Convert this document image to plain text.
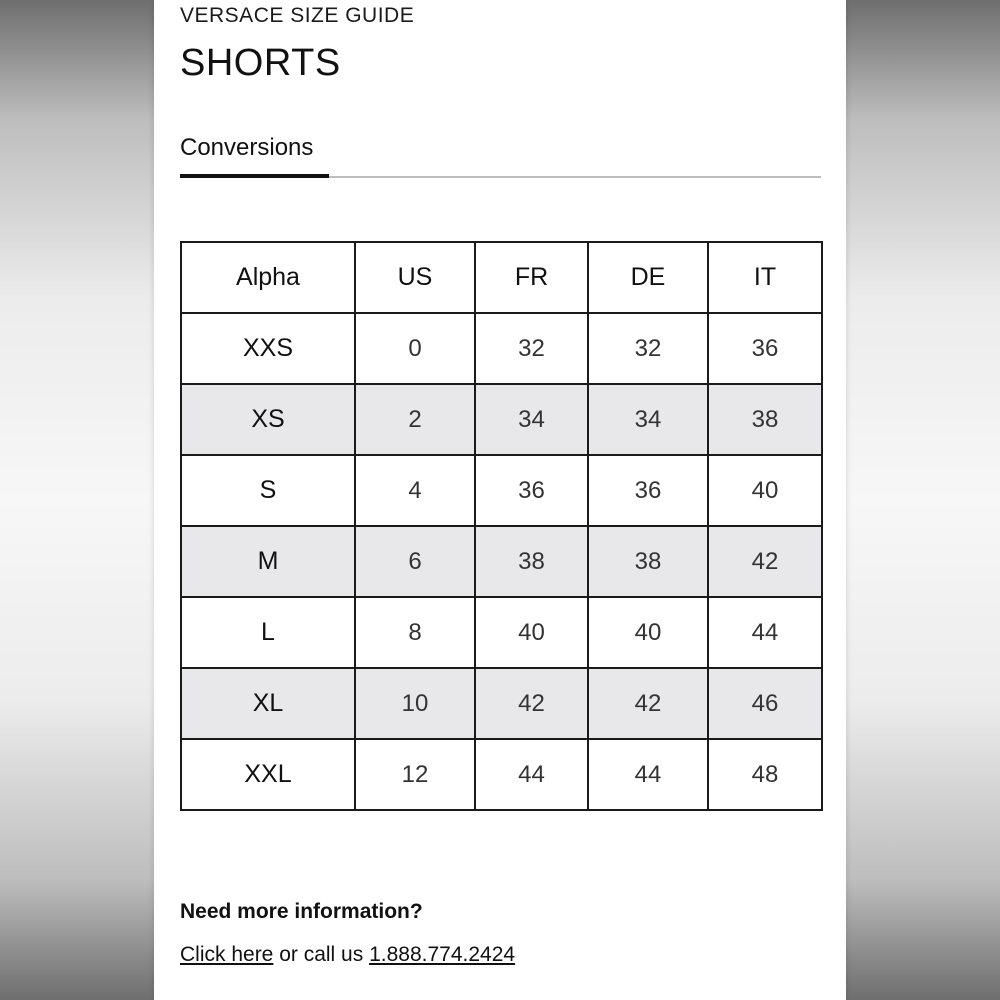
VERSACE SIZE GUIDE

SHORTS
Conversions
Alpha	US	FR	DE	IT
XXS	0	32	32	36
XS	2	34	34	38
S	4	36	36	40
M	6	38	38	42
L	8	40	40	44
XL	10	42	42	46
XXL	12	44	44	48

Need more information?

Click here or call us 1.888.774.2424
